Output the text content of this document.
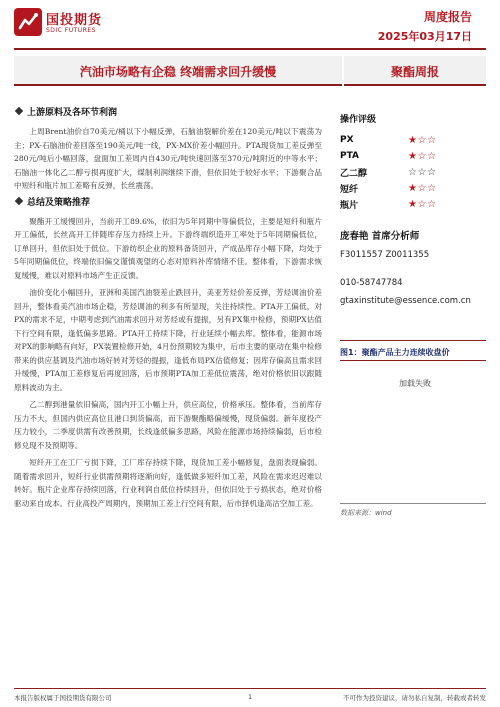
国投期货
SDIC FUTURES
周度报告
2025年03月17日
汽油市场略有企稳 终端需求回升缓慢	聚酯周报
上游原料及各环节利润

上周Brent油价自70美元/桶以下小幅反弹，石脑油裂解价差在120美元/吨以下震荡为主；PX-石脑油价差回落至190美元/吨一线，PX-MX价差小幅回升。PTA现货加工差反弹至280元/吨后小幅回落，盘面加工差周内自430元/吨快速回落至370元/吨附近的中等水平；石脑油一体化乙二醇亏损再度扩大，煤制利润继续下滑，但依旧处于较好水平；下游聚合品中短纤和瓶片加工差略有反弹，长丝震荡。

总结及策略推荐

聚酯开工缓慢回升，当前开工89.6%，依旧为5年同期中等偏低位，主要是短纤和瓶片开工偏低，长丝高开工伴随库存压力持续上升。下游终端织造开工率处于5年同期偏低位，订单回升，但依旧处于低位。下游纺织企业的原料备货回升，产成品库存小幅下降，均处于5年同期偏低位，终端依旧偏交谨慎观望的心态对原料补库情绪不佳。整体看，下游需求恢复缓慢，难以对原料市场产生正反馈。

油价变化小幅回升，亚洲和美国汽油裂差止跌回升，美亚芳烃价差反弹，芳烃调油价差回升，整体看美汽油市场企稳，芳烃调油的利多有所显现，关注持续性。PTA开工偏低，对PX的需求不足，中期考虑到汽油需求回升对芳烃或有提振，另有PX集中检修，预期PX估值下行空间有限，逢低偏多思路。PTA开工持续下降，行业延续小幅去库。整体看，能源市场对PX的影响略有向好，PX装置检修开始，4月份预期较为集中，后市主要的驱动在集中检修带来的供应基调及汽油市场好转对芳烃的提振，逢低布局PX估值修复；因库存偏高且需求回升缓慢，PTA加工差修复后再度回落，后市预期PTA加工差低位震荡，绝对价格依旧以跟随原料波动为主。

乙二醇到港量依旧偏高，国内开工小幅上升，供应高位，价格承压。整体看，当前库存压力不大，但国内供应高位且港口到货偏高，而下游聚酯略偏缓慢，现货偏弱。新年度投产压力较小，二季度供需有改善预期，长线逢低偏多思路，风险在能源市场持续偏弱，后市检修兑现不及预期等。

短纤开工在工厂亏损下降，工厂库存持续下降，现货加工差小幅修复，盘面表现偏弱。随着需求回升，短纤行业供需预期将逐渐向好，逢低做多短纤加工差，风险在需求迟迟难以转好。瓶片企业库存持续回落，行业利润自低位持续回升，但依旧处于亏损状态，绝对价格驱动来自成本。行业高投产周期内，预期加工差上行空间有限，后市择机逢高沽空加工差。

操作评级
PX	★☆☆
PTA	★☆☆
乙二醇	☆☆☆
短纤	★☆☆
瓶片	★☆☆
庞春艳 首席分析师
F3011557 Z0011355
010-58747784
gtaxinstitute@essence.com.cn
图1：聚酯产品主力连续收盘价
加载失败
数据来源：wind
本报告版权属于国投期货有限公司	1	不可作为投资建议，请勿私自复制，转载或者转发
